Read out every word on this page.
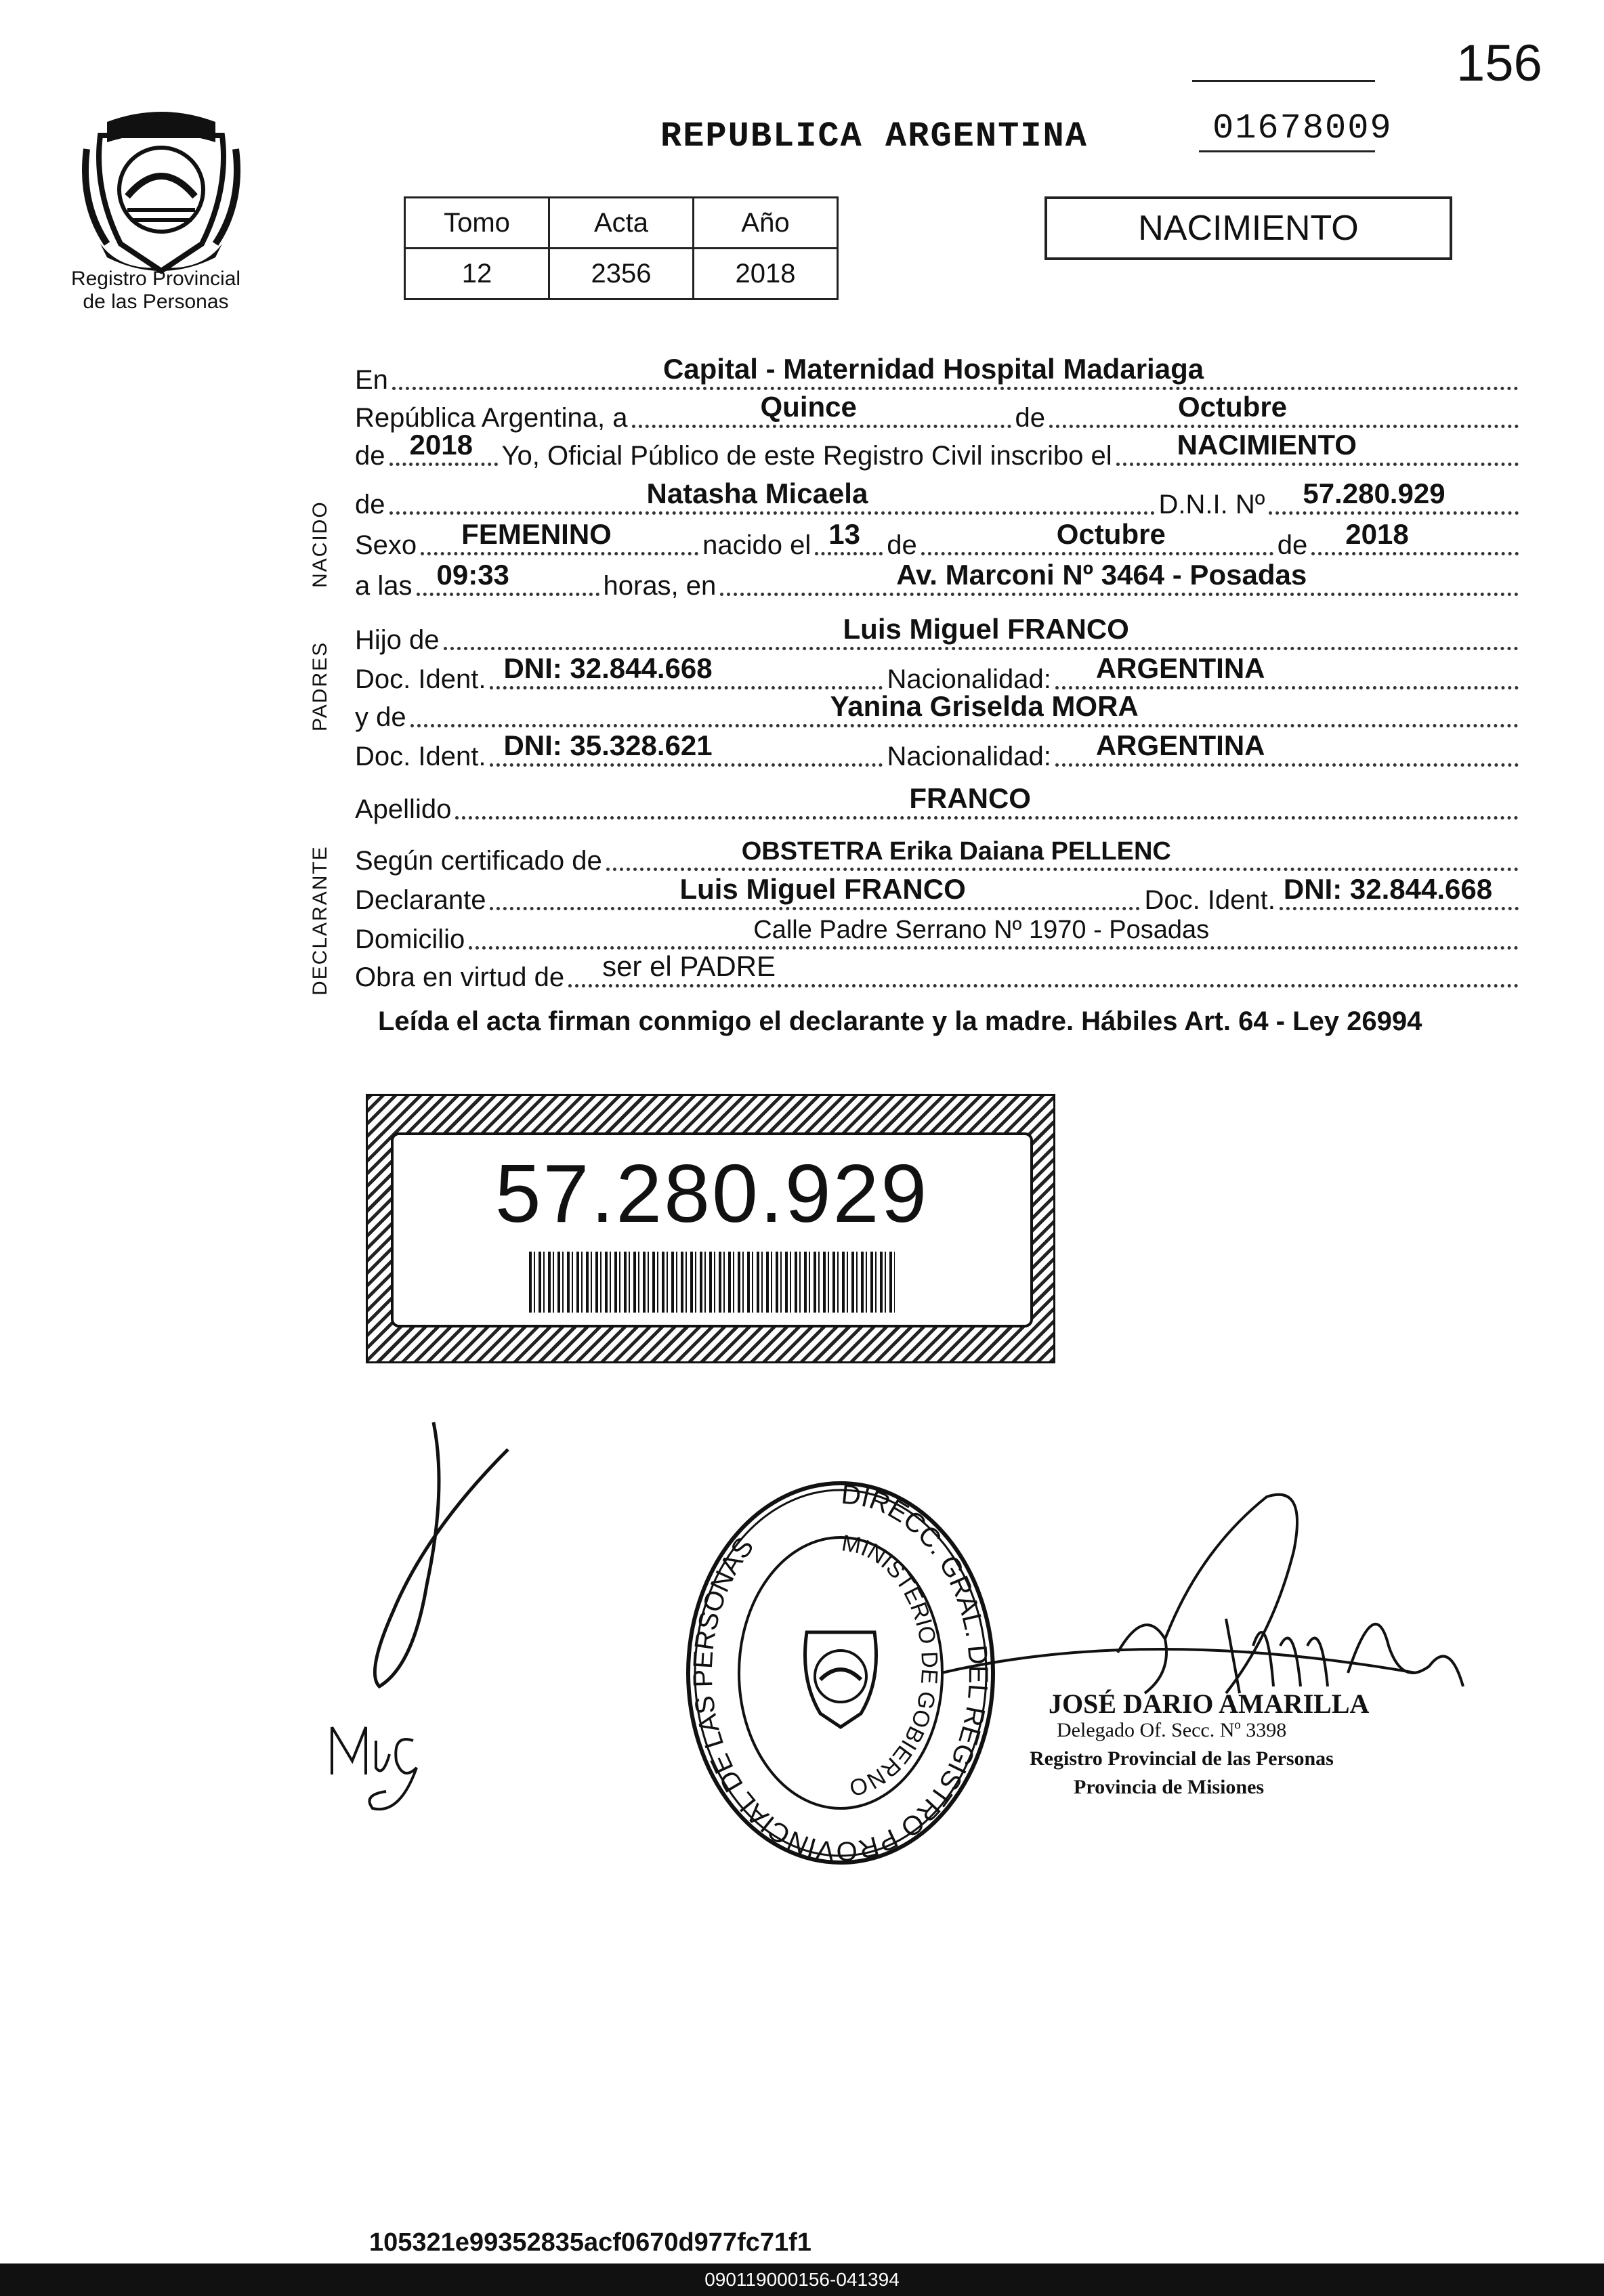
156
01678009
REPUBLICA ARGENTINA
Registro Provincial
de las Personas
Tomo	Acta	Año
12	2356	2018
NACIMIENTO
NACIDO
PADRES
DECLARANTE
En	Capital - Maternidad Hospital Madariaga
República Argentina, a	Quince	de	Octubre
de 2018 Yo, Oficial Público de este Registro Civil inscribo el NACIMIENTO
de	Natasha Micaela	D.N.I. Nº 57.280.929
Sexo FEMENINO	nacido el 13 de	Octubre	de 2018
a las 09:33	horas, en	Av. Marconi Nº 3464 - Posadas
Hijo de	Luis Miguel FRANCO
Doc. Ident. DNI: 32.844.668	Nacionalidad: ARGENTINA
y de	Yanina Griselda MORA
Doc. Ident. DNI: 35.328.621	Nacionalidad: ARGENTINA
Apellido	FRANCO
Según certificado de	OBSTETRA Erika Daiana PELLENC
Declarante	Luis Miguel FRANCO	Doc. Ident. DNI: 32.844.668
Domicilio	Calle Padre Serrano Nº 1970 - Posadas
Obra en virtud de ser el PADRE
Leída el acta firman conmigo el declarante y la madre. Hábiles Art. 64 - Ley 26994
57.280.929
DIRECC. GRAL. DEL REGISTRO PROVINCIAL DE LAS PERSONAS	MINISTERIO DE GOBIERNO
JOSÉ DARIO AMARILLA
Delegado Of. Secc. Nº 3398
Registro Provincial de las Personas
Provincia de Misiones
105321e99352835acf0670d977fc71f1
090119000156-041394
